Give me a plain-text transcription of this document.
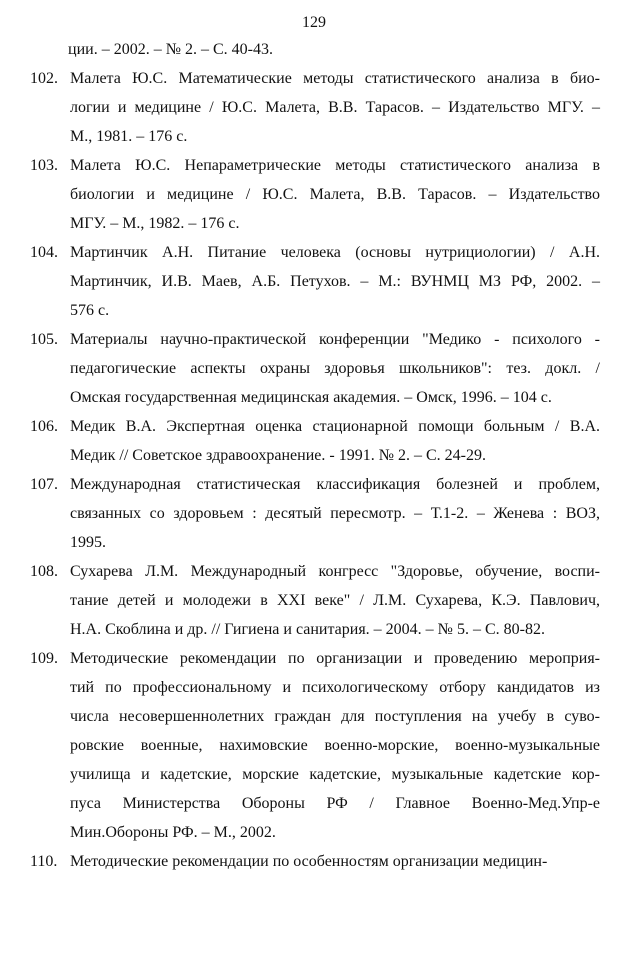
129
ции. – 2002. – № 2. – С. 40-43.
102. Малета Ю.С. Математические методы статистического анализа в био-
логии и медицине / Ю.С. Малета, В.В. Тарасов. – Издательство МГУ. –
М., 1981. – 176 с.
103. Малета Ю.С. Непараметрические методы статистического анализа в
биологии и медицине / Ю.С. Малета, В.В. Тарасов. – Издательство
МГУ. – М., 1982. – 176 с.
104. Мартинчик А.Н. Питание человека (основы нутрициологии) / А.Н.
Мартинчик, И.В. Маев, А.Б. Петухов. – М.: ВУНМЦ МЗ РФ, 2002. –
576 с.
105. Материалы научно-практической конференции "Медико - психолого -
педагогические аспекты охраны здоровья школьников": тез. докл. /
Омская государственная медицинская академия. – Омск, 1996. – 104 с.
106. Медик В.А. Экспертная оценка стационарной помощи больным / В.А.
Медик // Советское здравоохранение. - 1991. № 2. – С. 24-29.
107. Международная статистическая классификация болезней и проблем,
связанных со здоровьем : десятый пересмотр. – Т.1-2. – Женева : ВОЗ,
1995.
108. Сухарева Л.М. Международный конгресс "Здоровье, обучение, воспи-
тание детей и молодежи в XXI веке" / Л.М. Сухарева, К.Э. Павлович,
Н.А. Скоблина и др. // Гигиена и санитария. – 2004. – № 5. – С. 80-82.
109. Методические рекомендации по организации и проведению мероприя-
тий по профессиональному и психологическому отбору кандидатов из
числа несовершеннолетних граждан для поступления на учебу в суво-
ровские военные, нахимовские военно-морские, военно-музыкальные
училища и кадетские, морские кадетские, музыкальные кадетские кор-
пуса Министерства Обороны РФ / Главное Военно-Мед.Упр-е
Мин.Обороны РФ. – М., 2002.
110. Методические рекомендации по особенностям организации медицин-
